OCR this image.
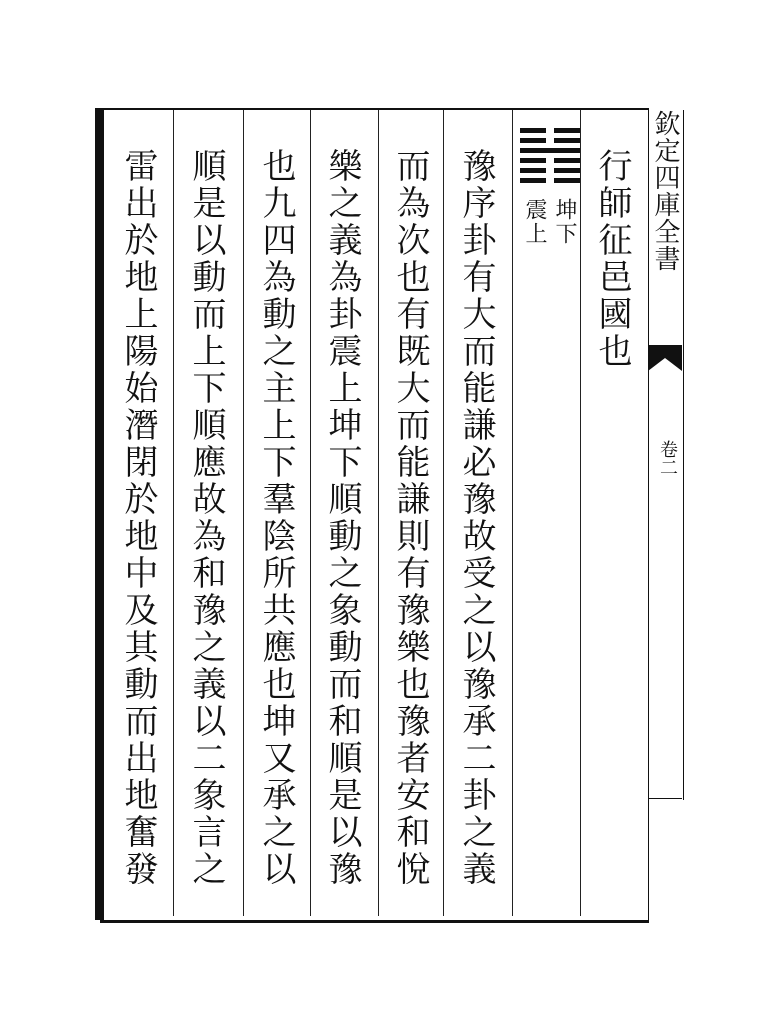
行師征邑國也
豫序卦有大而能謙必豫故受之以豫承二卦之義
而為次也有既大而能謙則有豫樂也豫者安和悅
樂之義為卦震上坤下順動之象動而和順是以豫
也九四為動之主上下羣陰所共應也坤又承之以
順是以動而上下順應故為和豫之義以二象言之
雷出於地上陽始潛閉於地中及其動而出地奮發	坤下
震上	欽定四庫全書
卷二
